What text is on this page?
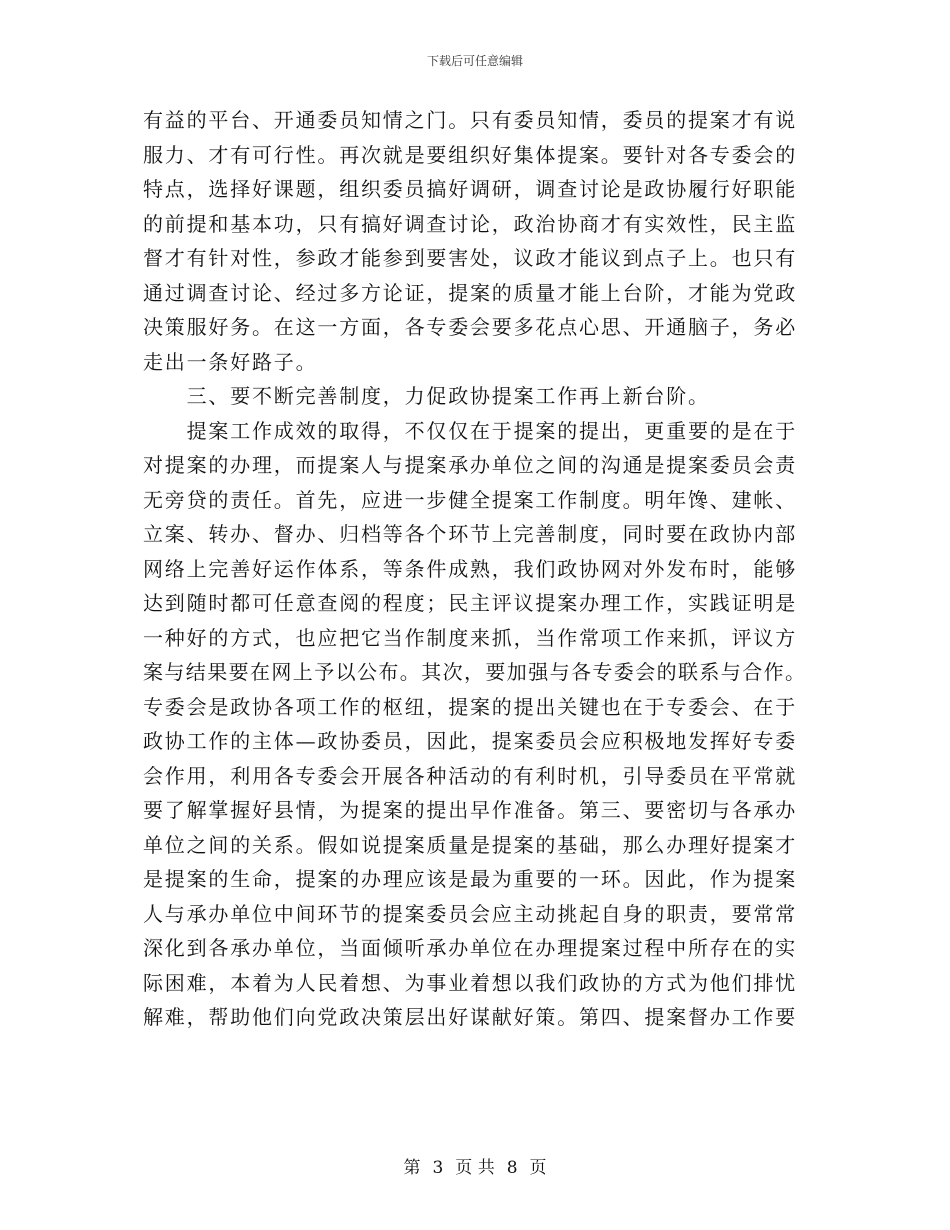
下载后可任意编辑
有益的平台、开通委员知情之门。只有委员知情，委员的提案才有说
服力、才有可行性。再次就是要组织好集体提案。要针对各专委会的
特点，选择好课题，组织委员搞好调研，调查讨论是政协履行好职能
的前提和基本功，只有搞好调查讨论，政治协商才有实效性，民主监
督才有针对性，参政才能参到要害处，议政才能议到点子上。也只有
通过调查讨论、经过多方论证，提案的质量才能上台阶，才能为党政
决策服好务。在这一方面，各专委会要多花点心思、开通脑子，务必
走出一条好路子。
　　三、要不断完善制度，力促政协提案工作再上新台阶。
　　提案工作成效的取得，不仅仅在于提案的提出，更重要的是在于
对提案的办理，而提案人与提案承办单位之间的沟通是提案委员会责
无旁贷的责任。首先，应进一步健全提案工作制度。明年馋、建帐、
立案、转办、督办、归档等各个环节上完善制度，同时要在政协内部
网络上完善好运作体系，等条件成熟，我们政协网对外发布时，能够
达到随时都可任意查阅的程度；民主评议提案办理工作，实践证明是
一种好的方式，也应把它当作制度来抓，当作常项工作来抓，评议方
案与结果要在网上予以公布。其次，要加强与各专委会的联系与合作。
专委会是政协各项工作的枢纽，提案的提出关键也在于专委会、在于
政协工作的主体—政协委员，因此，提案委员会应积极地发挥好专委
会作用，利用各专委会开展各种活动的有利时机，引导委员在平常就
要了解掌握好县情，为提案的提出早作准备。第三、要密切与各承办
单位之间的关系。假如说提案质量是提案的基础，那么办理好提案才
是提案的生命，提案的办理应该是最为重要的一环。因此，作为提案
人与承办单位中间环节的提案委员会应主动挑起自身的职责，要常常
深化到各承办单位，当面倾听承办单位在办理提案过程中所存在的实
际困难，本着为人民着想、为事业着想以我们政协的方式为他们排忧
解难，帮助他们向党政决策层出好谋献好策。第四、提案督办工作要
第 3 页 共 8 页
